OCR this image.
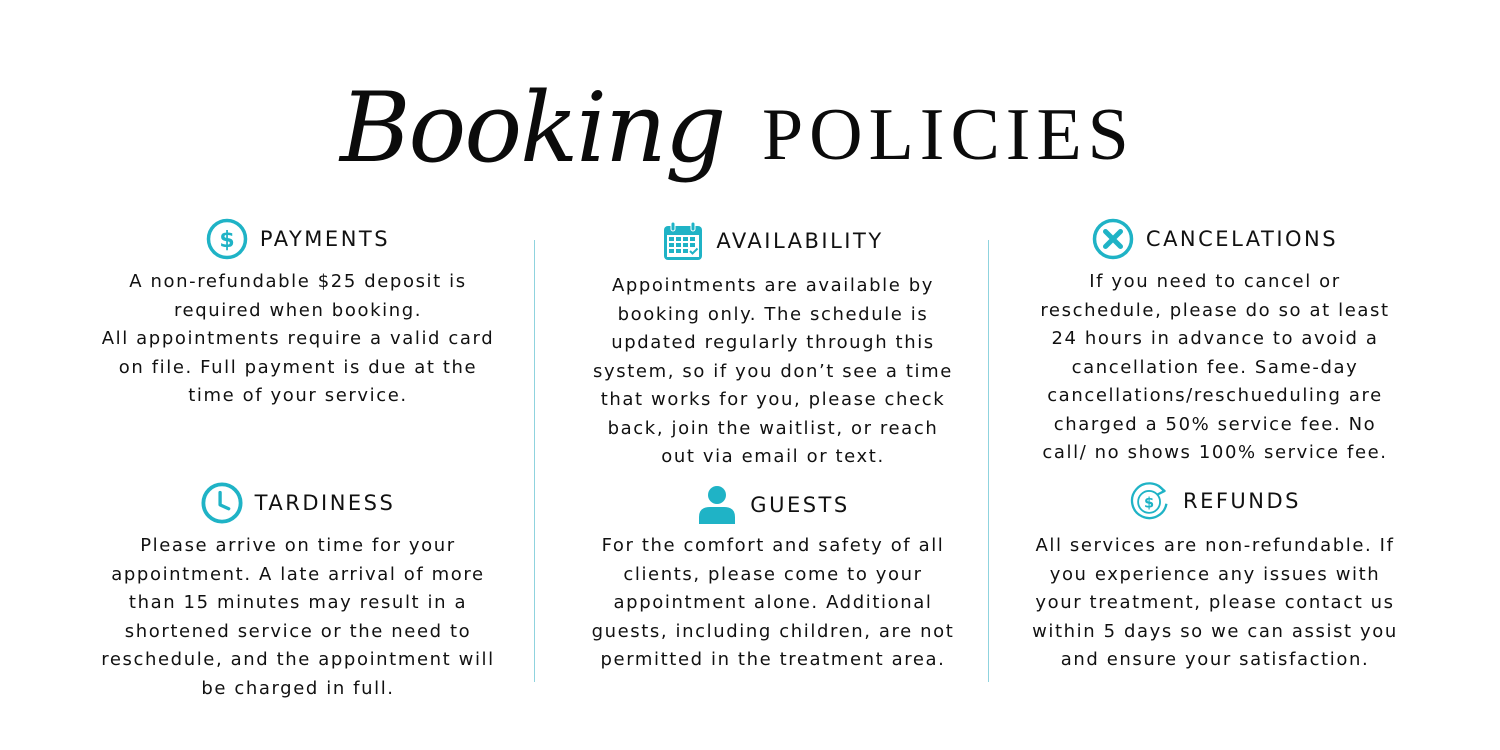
Booking POLICIES
$ PAYMENTS
A non-refundable $25 deposit is
required when booking.
All appointments require a valid card
on file. Full payment is due at the
time of your service.
AVAILABILITY
Appointments are available by
booking only. The schedule is
updated regularly through this
system, so if you don’t see a time
that works for you, please check
back, join the waitlist, or reach
out via email or text.
CANCELATIONS
If you need to cancel or
reschedule, please do so at least
24 hours in advance to avoid a
cancellation fee. Same-day
cancellations/reschueduling are
charged a 50% service fee. No
call/ no shows 100% service fee.
TARDINESS
Please arrive on time for your
appointment. A late arrival of more
than 15 minutes may result in a
shortened service or the need to
reschedule, and the appointment will
be charged in full.
GUESTS
For the comfort and safety of all
clients, please come to your
appointment alone. Additional
guests, including children, are not
permitted in the treatment area.
$ REFUNDS
All services are non-refundable. If
you experience any issues with
your treatment, please contact us
within 5 days so we can assist you
and ensure your satisfaction.
